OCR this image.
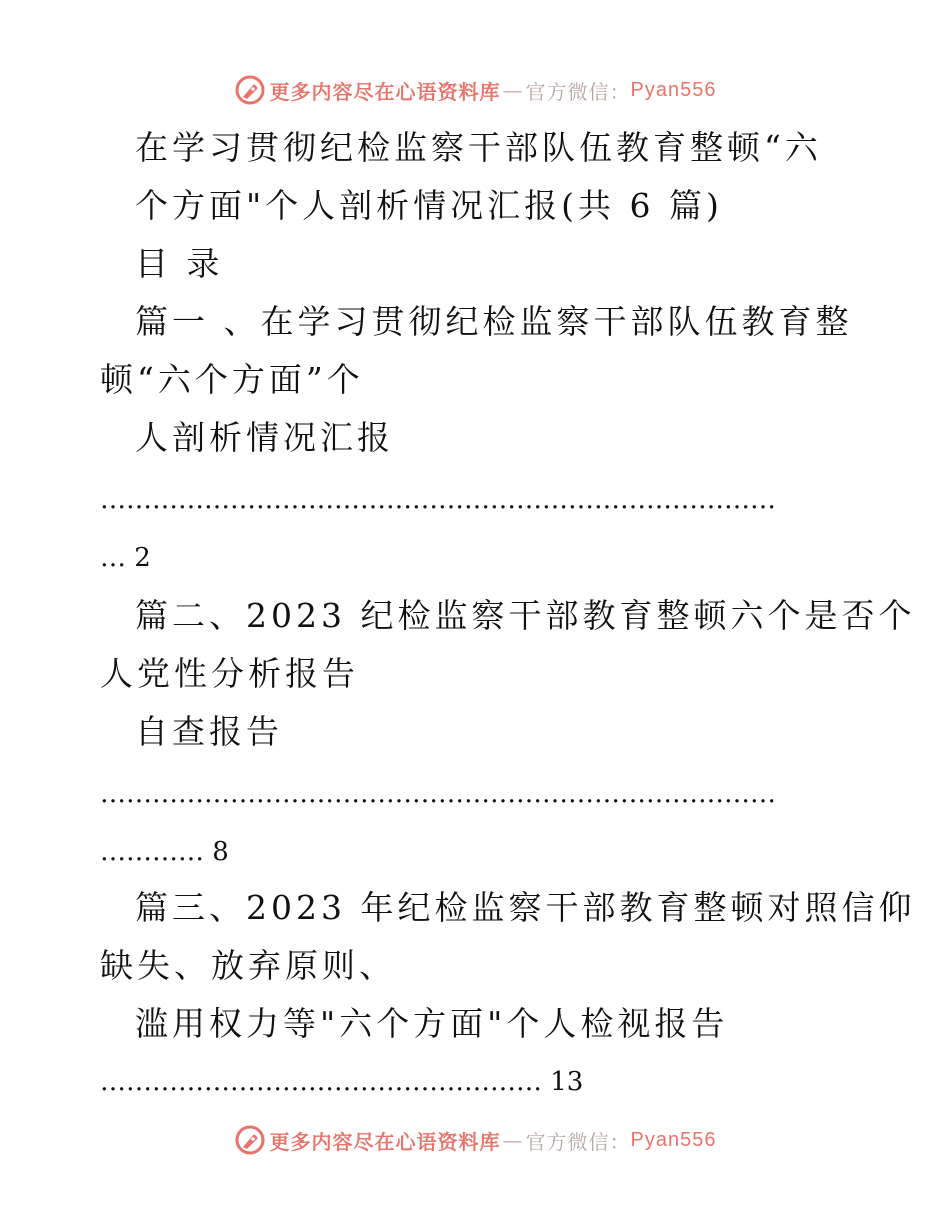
更多内容尽在心语资料库 — 官方微信： Pyan556
在学习贯彻纪检监察干部队伍教育整顿“六
个方面"个人剖析情况汇报(共 6 篇)
目 录
篇一 、在学习贯彻纪检监察干部队伍教育整
顿“六个方面”个
人剖析情况汇报
……………………………………………………………………
… 2
篇二、2023 纪检监察干部教育整顿六个是否个
人党性分析报告
自查报告
……………………………………………………………………
………… 8
篇三、2023 年纪检监察干部教育整顿对照信仰
缺失、放弃原则、
滥用权力等"六个方面"个人检视报告
…………………………………………… 13
更多内容尽在心语资料库 — 官方微信： Pyan556
